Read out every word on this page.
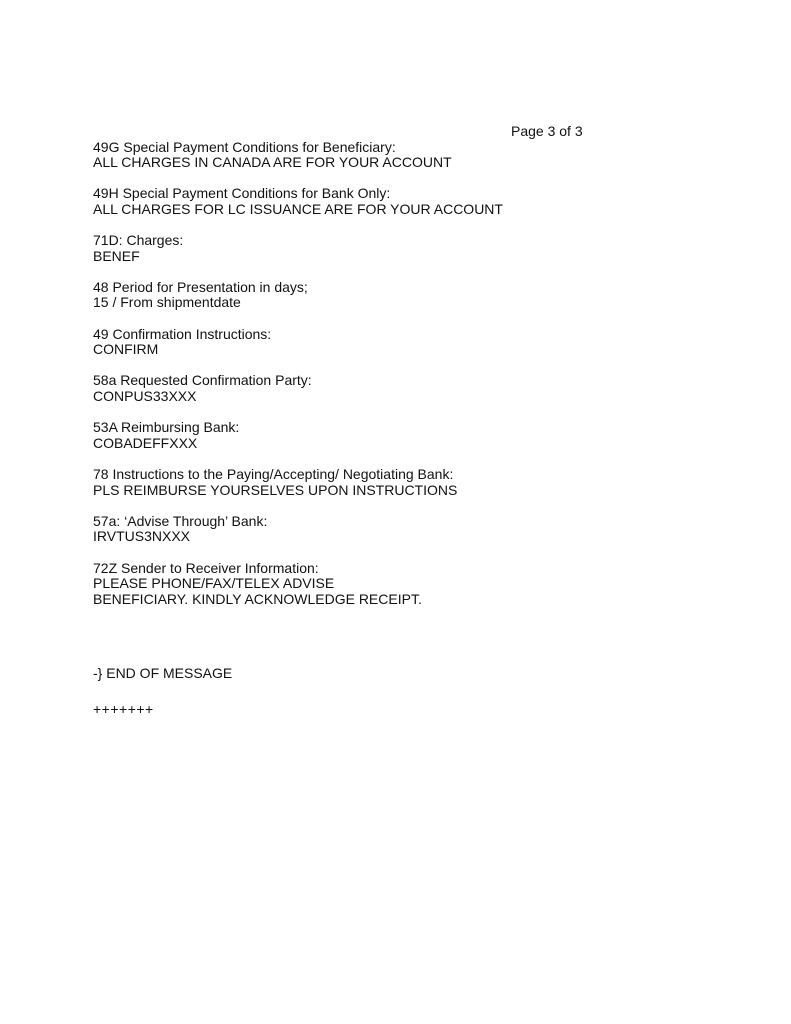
Page 3 of 3
49G Special Payment Conditions for Beneficiary:
ALL CHARGES IN CANADA ARE FOR YOUR ACCOUNT
49H Special Payment Conditions for Bank Only:
ALL CHARGES FOR LC ISSUANCE ARE FOR YOUR ACCOUNT
71D: Charges:
BENEF
48 Period for Presentation in days;
15 / From shipmentdate
49 Confirmation Instructions:
CONFIRM
58a Requested Confirmation Party:
CONPUS33XXX
53A Reimbursing Bank:
COBADEFFXXX
78 Instructions to the Paying/Accepting/ Negotiating Bank:
PLS REIMBURSE YOURSELVES UPON INSTRUCTIONS
57a: ‘Advise Through’ Bank:
IRVTUS3NXXX
72Z Sender to Receiver Information:
PLEASE PHONE/FAX/TELEX ADVISE
BENEFICIARY. KINDLY ACKNOWLEDGE RECEIPT.
-} END OF MESSAGE
+++++++
